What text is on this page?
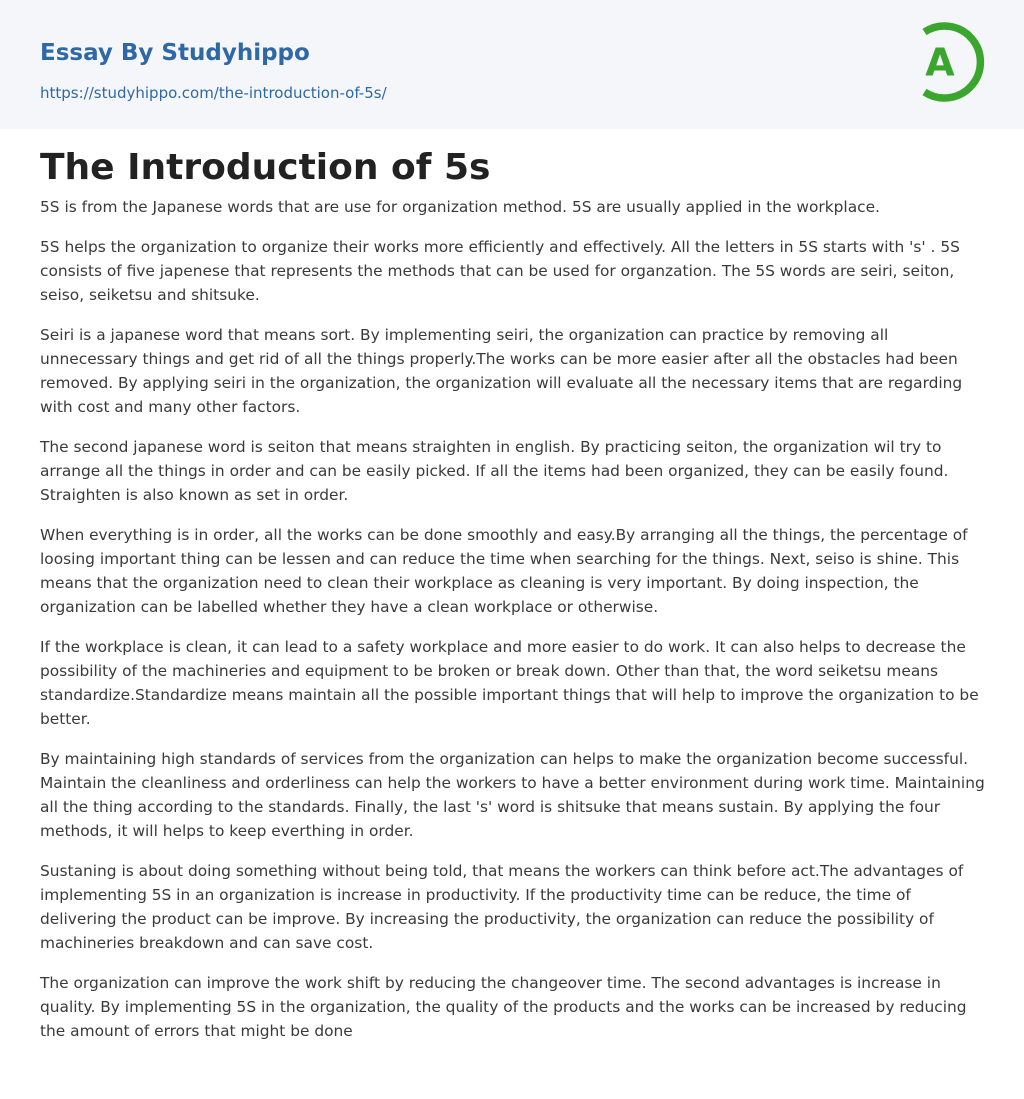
Essay By Studyhippo
https://studyhippo.com/the-introduction-of-5s/
A
The Introduction of 5s

5S is from the Japanese words that are use for organization method. 5S are usually applied in the workplace.

5S helps the organization to organize their works more efficiently and effectively. All the letters in 5S starts with 's' . 5S consists of five japenese that represents the methods that can be used for organzation. The 5S words are seiri, seiton, seiso, seiketsu and shitsuke.

Seiri is a japanese word that means sort. By implementing seiri, the organization can practice by removing all unnecessary things and get rid of all the things properly.The works can be more easier after all the obstacles had been removed. By applying seiri in the organization, the organization will evaluate all the necessary items that are regarding with cost and many other factors.

The second japanese word is seiton that means straighten in english. By practicing seiton, the organization wil try to arrange all the things in order and can be easily picked. If all the items had been organized, they can be easily found. Straighten is also known as set in order.

When everything is in order, all the works can be done smoothly and easy.By arranging all the things, the percentage of loosing important thing can be lessen and can reduce the time when searching for the things. Next, seiso is shine. This means that the organization need to clean their workplace as cleaning is very important. By doing inspection, the organization can be labelled whether they have a clean workplace or otherwise.

If the workplace is clean, it can lead to a safety workplace and more easier to do work. It can also helps to decrease the possibility of the machineries and equipment to be broken or break down. Other than that, the word seiketsu means standardize.Standardize means maintain all the possible important things that will help to improve the organization to be better.

By maintaining high standards of services from the organization can helps to make the organization become successful. Maintain the cleanliness and orderliness can help the workers to have a better environment during work time. Maintaining all the thing according to the standards. Finally, the last 's' word is shitsuke that means sustain. By applying the four methods, it will helps to keep everthing in order.

Sustaning is about doing something without being told, that means the workers can think before act.The advantages of implementing 5S in an organization is increase in productivity. If the productivity time can be reduce, the time of delivering the product can be improve. By increasing the productivity, the organization can reduce the possibility of machineries breakdown and can save cost.

The organization can improve the work shift by reducing the changeover time. The second advantages is increase in quality. By implementing 5S in the organization, the quality of the products and the works can be increased by reducing the amount of errors that might be done
